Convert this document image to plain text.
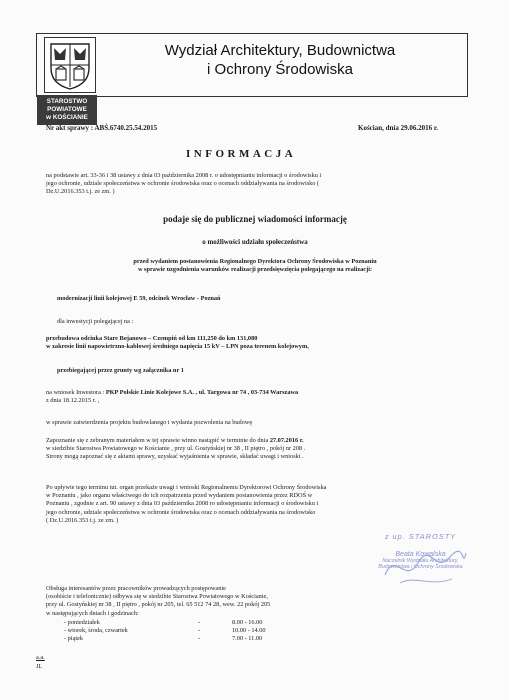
STAROSTWO
POWIATOWE
w KOŚCIANIE
Wydział Architektury, Budownictwa
i Ochrony Środowiska
Nr akt sprawy : ABŚ.6740.25.54.2015	Kościan, dnia 29.06.2016 r.
INFORMACJA
na podstawie art. 33-36 i 38 ustawy z dnia 03 października 2008 r. o udostępnianiu informacji o środowisku i
jego ochronie, udziale społeczeństwa w ochronie środowiska oraz o ocenach oddziaływania na środowisko (
Dz.U.2016.353 t.j. ze zm. )
podaje się do publicznej wiadomości informację
o możliwości udziału społeczeństwa
przed wydaniem postanowienia Regionalnego Dyrektora Ochrony Środowiska w Poznaniu
w sprawie uzgodnienia warunków realizacji przedsięwzięcia polegającego na realizacji:
modernizacji linii kolejowej E 59, odcinek Wrocław - Poznań
dla inwestycji polegającej na :
przebudowa odcinka Stare Bojanowo – Czempiń od km 111,250 do km 131,080
w zakresie linii napowietrzno-kablowej średniego napięcia 15 kV – LPN poza terenem kolejowym,
przebiegającej przez grunty wg załącznika nr 1
na wniosek Inwestora : PKP Polskie Linie Kolejowe S.A. , ul. Targowa nr 74 , 03-734 Warszawa
z dnia 18.12.2015 r. ,
w sprawie zatwierdzenia projektu budowlanego i wydania pozwolenia na budowę
Zapoznanie się z zebranym materiałem w tej sprawie winno nastąpić w terminie do dnia 27.07.2016 r.
w siedzibie Starostwa Powiatowego w Kościanie , przy ul. Gostyńskiej nr 38 , II piętro , pokój nr 208 .
Strony mogą zapoznać się z aktami sprawy, uzyskać wyjaśnienia w sprawie, składać uwagi i wnioski .
Po upływie tego terminu tut. organ przekaże uwagi i wnioski Regionalnemu Dyrektorowi Ochrony Środowiska
w Poznaniu , jako organu właściwego do ich rozpatrzenia przed wydaniem postanowienia przez RDOŚ w
Poznaniu , zgodnie z art. 90 ustawy z dnia 03 października 2008 ro udostępnianiu informacji o środowisku i
jego ochronie, udziale społeczeństwa w ochronie środowiska oraz o ocenach oddziaływania na środowisko
( Dz.U.2016.353 t.j. ze zm. )
z up. STAROSTY
Beata Kowalska
Naczelnik Wydziału Architektury,
Budownictwa i Ochrony Środowiska
Obsługa interesantów przez pracowników prowadzących postępowanie
(osobiście i telefonicznie) odbywa się w siedzibie Starostwa Powiatowego w Kościanie,
przy ul. Gostyńskiej nr 38 , II piętro , pokój nr 205, tel. 65 512 74 28, wew. 22 pokój 205
w następujących dniach i godzinach:
- poniedziałek	-	8.00 - 16.00
- wtorek, środa, czwartek	-	10.00 - 14.00
- piątek	-	7.00 - 11.00
a.a.
JL
